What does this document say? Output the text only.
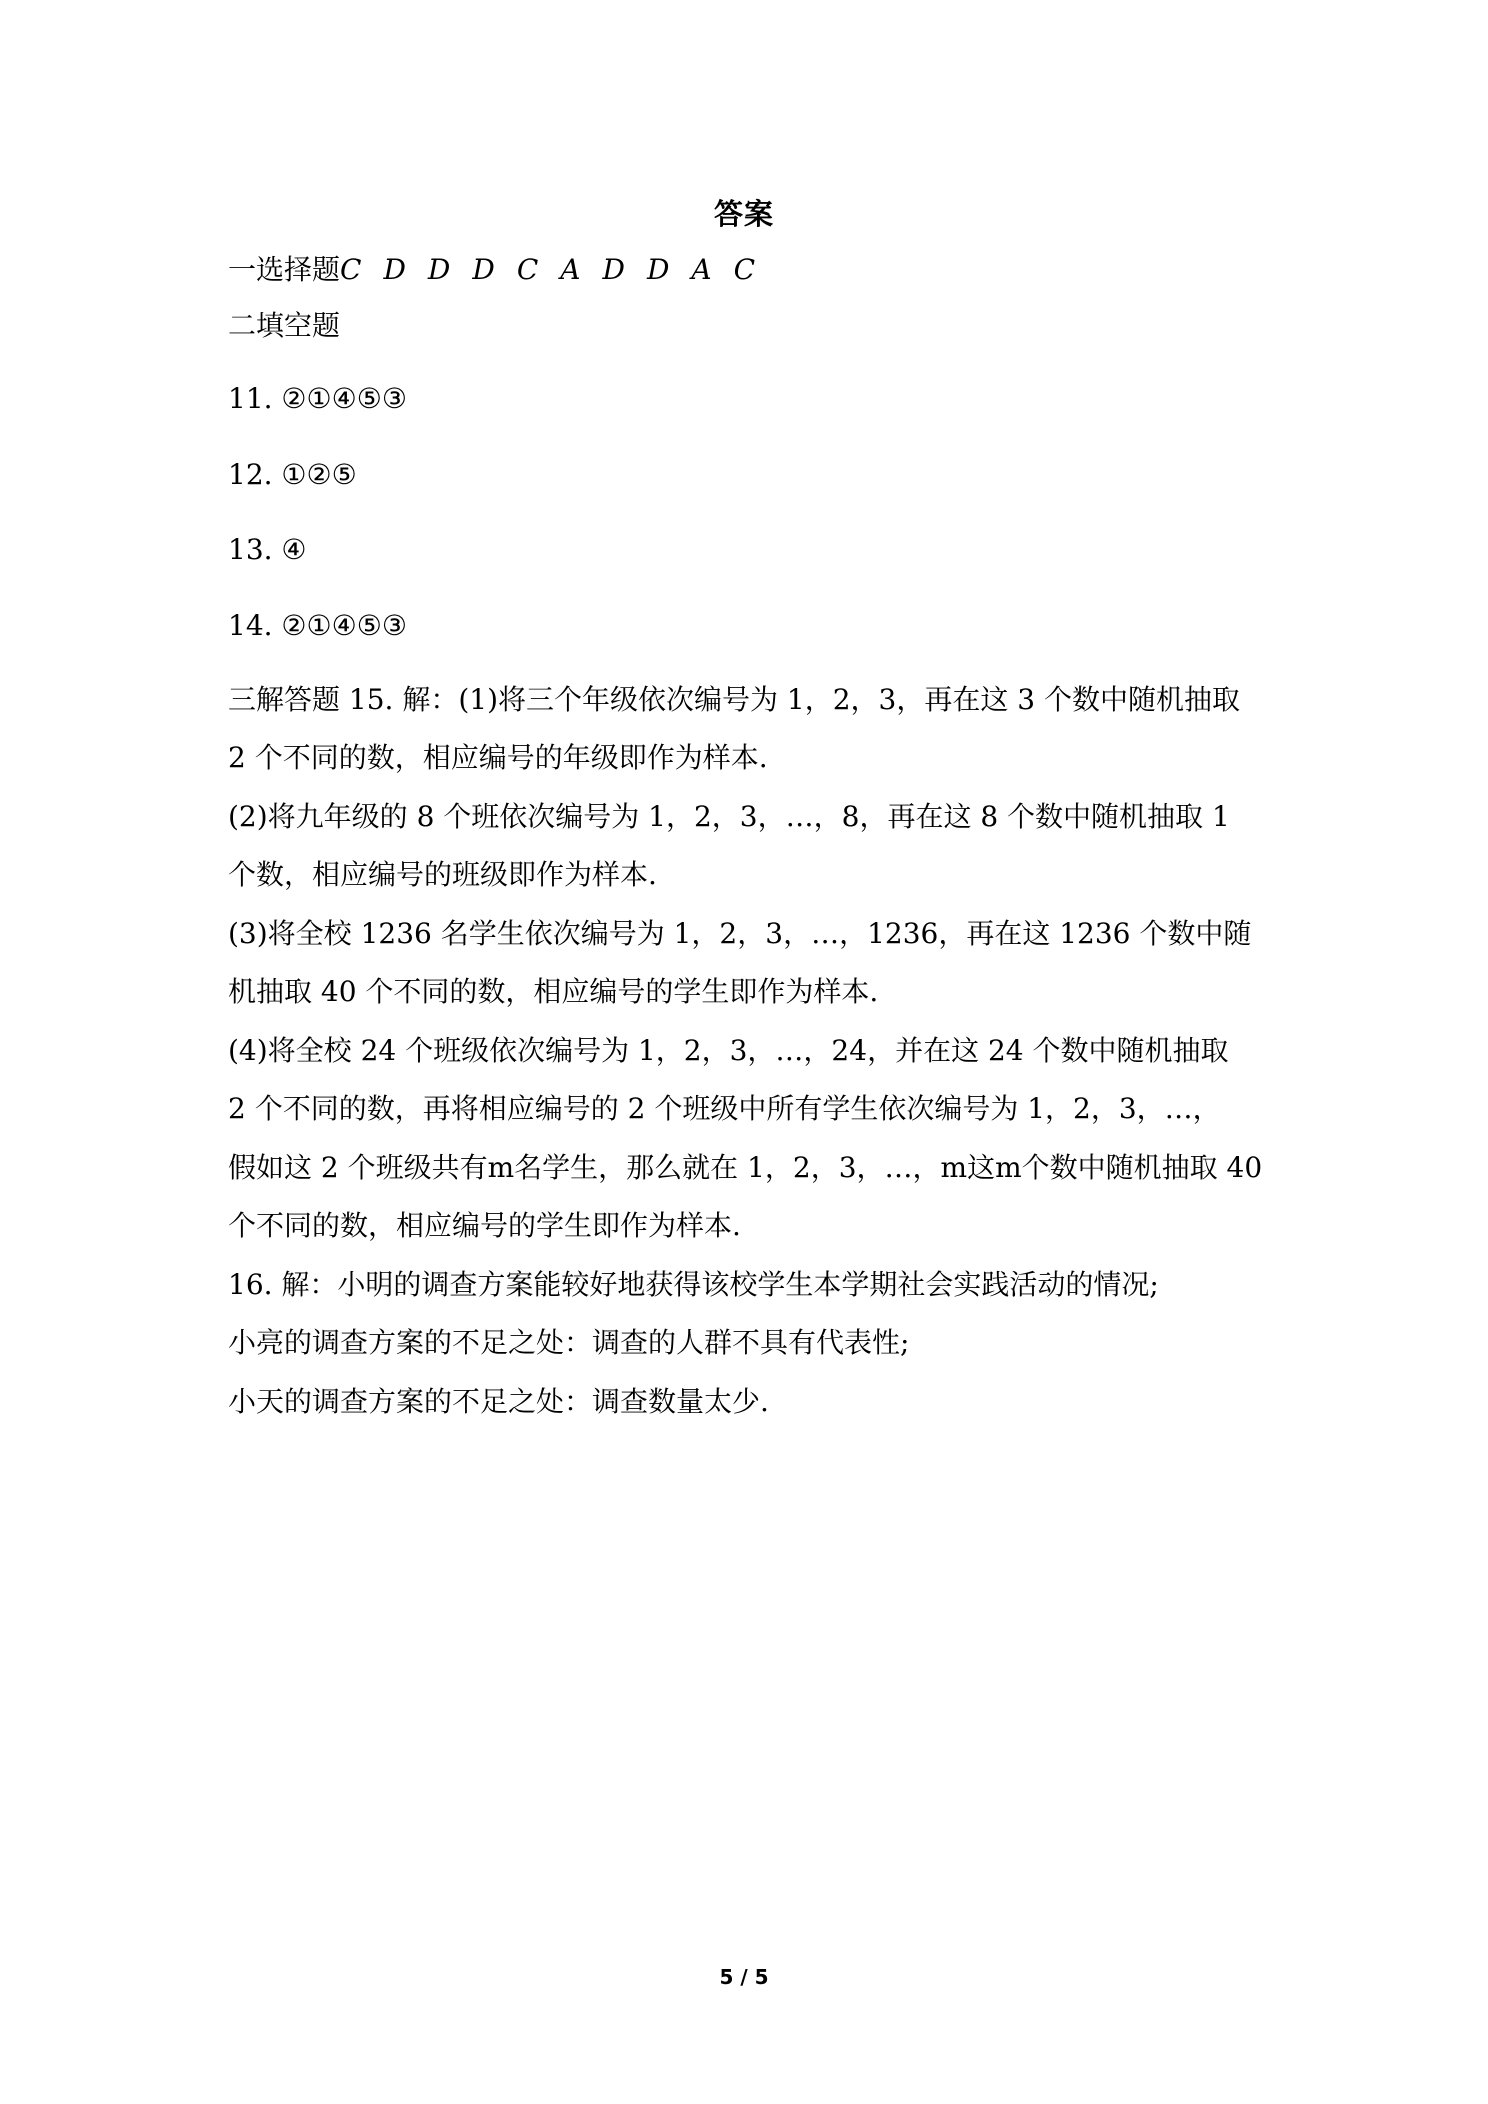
答案
一选择题C D D D C A D D A C
二填空题
11. ②①④⑤③
12. ①②⑤
13. ④
14. ②①④⑤③
三解答题 15. 解：(1)将三个年级依次编号为 1，2，3，再在这 3 个数中随机抽取
2 个不同的数，相应编号的年级即作为样本.
(2)将九年级的 8 个班依次编号为 1，2，3，…，8，再在这 8 个数中随机抽取 1
个数，相应编号的班级即作为样本.
(3)将全校 1236 名学生依次编号为 1，2，3，…，1236，再在这 1236 个数中随
机抽取 40 个不同的数，相应编号的学生即作为样本.
(4)将全校 24 个班级依次编号为 1，2，3，…，24，并在这 24 个数中随机抽取
2 个不同的数，再将相应编号的 2 个班级中所有学生依次编号为 1，2，3，…，
假如这 2 个班级共有m名学生，那么就在 1，2，3，…，m这m个数中随机抽取 40
个不同的数，相应编号的学生即作为样本.
16. 解：小明的调查方案能较好地获得该校学生本学期社会实践活动的情况;
小亮的调查方案的不足之处：调查的人群不具有代表性;
小天的调查方案的不足之处：调查数量太少.
5 / 5
